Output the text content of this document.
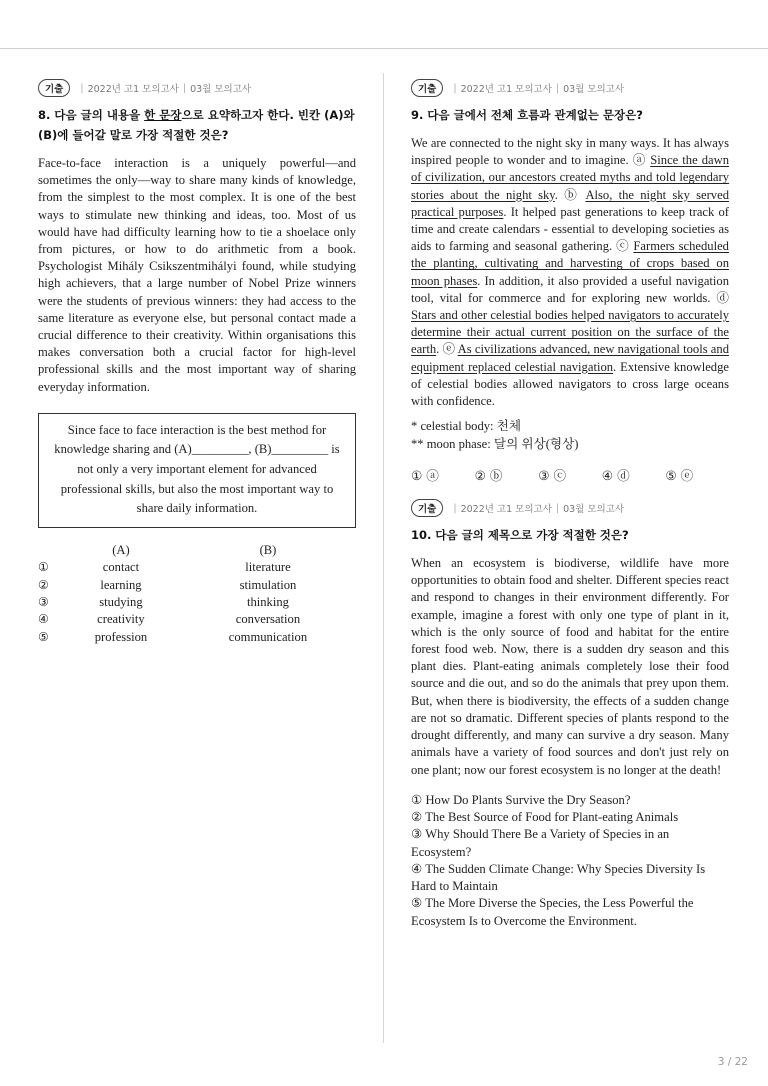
기출	| 2022년 고1 모의고사 | 03월 모의고사
8. 다음 글의 내용을 한 문장으로 요약하고자 한다. 빈칸 (A)와 (B)에 들어갈 말로 가장 적절한 것은?

Face-to-face interaction is a uniquely powerful—and sometimes the only—way to share many kinds of knowledge, from the simplest to the most complex. It is one of the best ways to stimulate new thinking and ideas, too. Most of us would have had difficulty learning how to tie a shoelace only from pictures, or how to do arithmetic from a book. Psychologist Mihály Csikszentmihályi found, while studying high achievers, that a large number of Nobel Prize winners were the students of previous winners: they had access to the same literature as everyone else, but personal contact made a crucial difference to their creativity. Within organisations this makes conversation both a crucial factor for high-level professional skills and the most important way of sharing everyday information.

Since face to face interaction is the best method for knowledge sharing and (A)_________, (B)_________ is not only a very important element for advanced professional skills, but also the most important way to share daily information.
	(A)	(B)
①	contact	literature
②	learning	stimulation
③	studying	thinking
④	creativity	conversation
⑤	profession	communication
기출	| 2022년 고1 모의고사 | 03월 모의고사
9. 다음 글에서 전체 흐름과 관계없는 문장은?

We are connected to the night sky in many ways. It has always inspired people to wonder and to imagine. ⓐ Since the dawn of civilization, our ancestors created myths and told legendary stories about the night sky. ⓑ Also, the night sky served practical purposes. It helped past generations to keep track of time and create calendars - essential to developing societies as aids to farming and seasonal gathering. ⓒ Farmers scheduled the planting, cultivating and harvesting of crops based on moon phases. In addition, it also provided a useful navigation tool, vital for commerce and for exploring new worlds. ⓓ Stars and other celestial bodies helped navigators to accurately determine their actual current position on the surface of the earth. ⓔ As civilizations advanced, new navigational tools and equipment replaced celestial navigation. Extensive knowledge of celestial bodies allowed navigators to cross large oceans with confidence.

* celestial body: 천체
** moon phase: 달의 위상(형상)
① ⓐ	② ⓑ	③ ⓒ	④ ⓓ	⑤ ⓔ
기출	| 2022년 고1 모의고사 | 03월 모의고사
10. 다음 글의 제목으로 가장 적절한 것은?

When an ecosystem is biodiverse, wildlife have more opportunities to obtain food and shelter. Different species react and respond to changes in their environment differently. For example, imagine a forest with only one type of plant in it, which is the only source of food and habitat for the entire forest food web. Now, there is a sudden dry season and this plant dies. Plant-eating animals completely lose their food source and die out, and so do the animals that prey upon them. But, when there is biodiversity, the effects of a sudden change are not so dramatic. Different species of plants respond to the drought differently, and many can survive a dry season. Many animals have a variety of food sources and don't just rely on one plant; now our forest ecosystem is no longer at the death!

① How Do Plants Survive the Dry Season?
② The Best Source of Food for Plant-eating Animals
③ Why Should There Be a Variety of Species in an Ecosystem?
④ The Sudden Climate Change: Why Species Diversity Is Hard to Maintain
⑤ The More Diverse the Species, the Less Powerful the Ecosystem Is to Overcome the Environment.
3 / 22
